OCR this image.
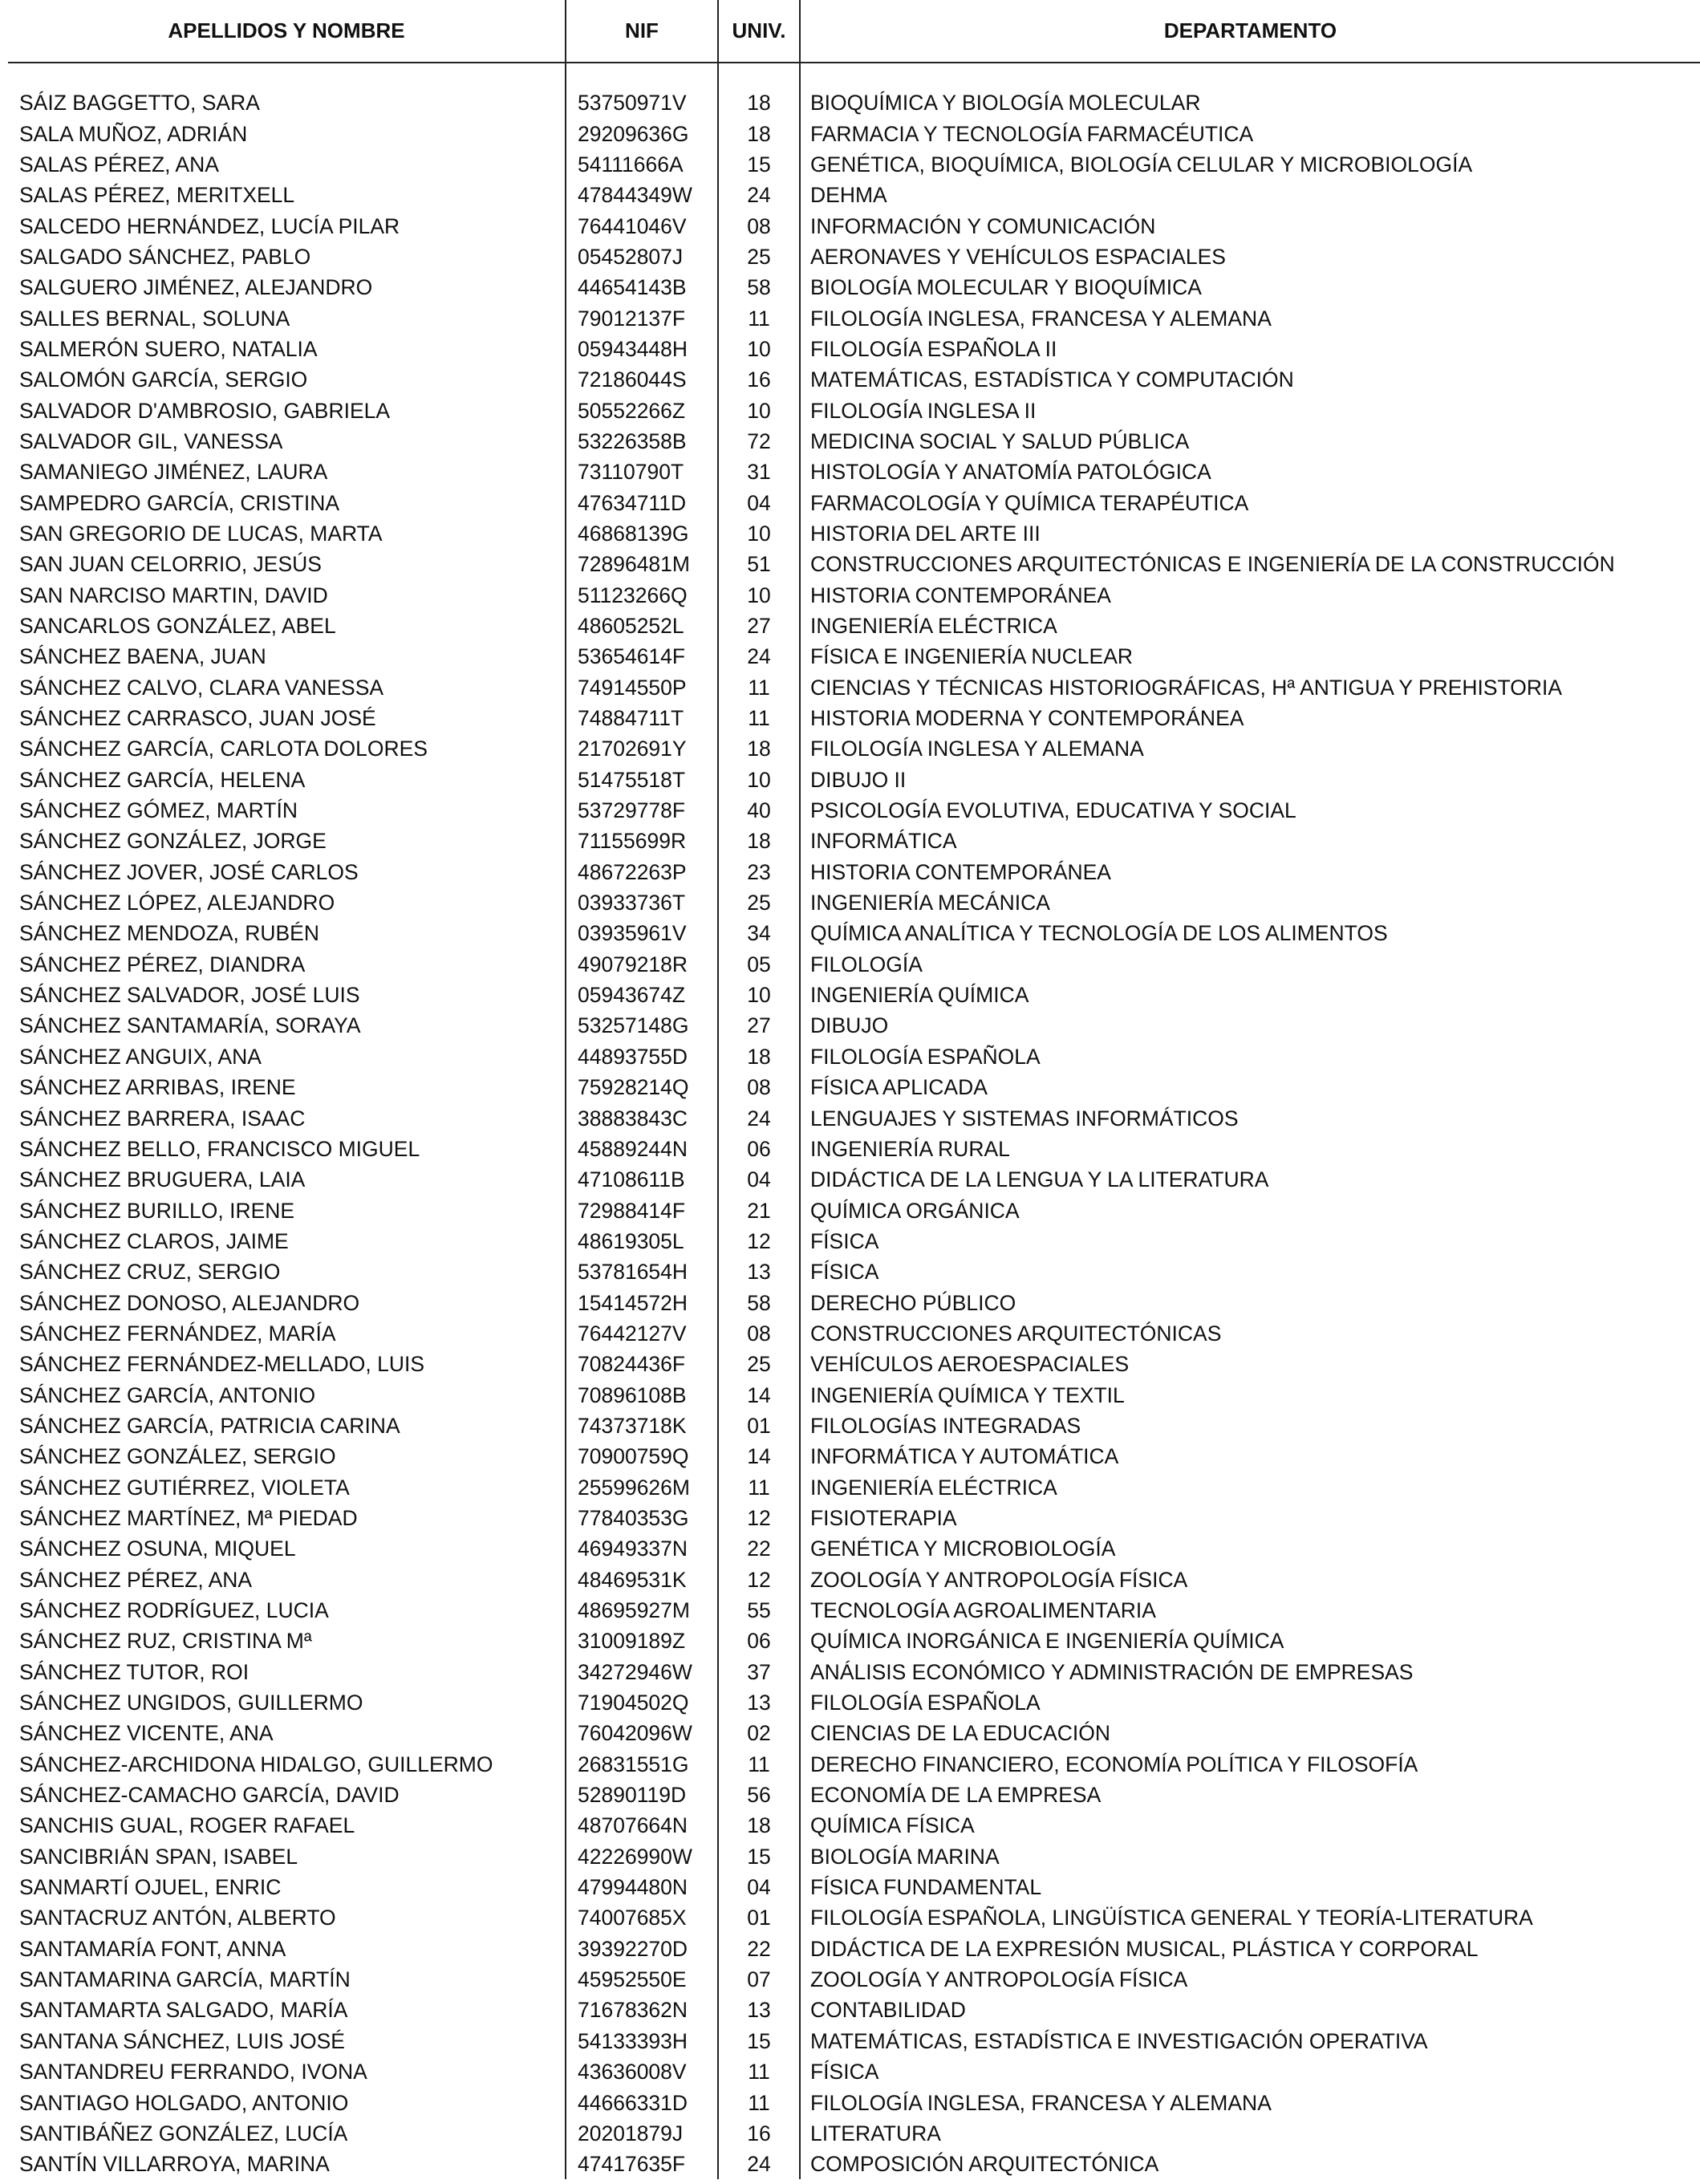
APELLIDOS Y NOMBRE	NIF	UNIV.	DEPARTAMENTO

SÁIZ BAGGETTO, SARA	53750971V	18	BIOQUÍMICA Y BIOLOGÍA MOLECULAR
SALA MUÑOZ, ADRIÁN	29209636G	18	FARMACIA Y TECNOLOGÍA FARMACÉUTICA
SALAS PÉREZ, ANA	54111666A	15	GENÉTICA, BIOQUÍMICA, BIOLOGÍA CELULAR Y MICROBIOLOGÍA
SALAS PÉREZ, MERITXELL	47844349W	24	DEHMA
SALCEDO HERNÁNDEZ, LUCÍA PILAR	76441046V	08	INFORMACIÓN Y COMUNICACIÓN
SALGADO SÁNCHEZ, PABLO	05452807J	25	AERONAVES Y VEHÍCULOS ESPACIALES
SALGUERO JIMÉNEZ, ALEJANDRO	44654143B	58	BIOLOGÍA MOLECULAR Y BIOQUÍMICA
SALLES BERNAL, SOLUNA	79012137F	11	FILOLOGÍA INGLESA, FRANCESA Y ALEMANA
SALMERÓN SUERO, NATALIA	05943448H	10	FILOLOGÍA ESPAÑOLA II
SALOMÓN GARCÍA, SERGIO	72186044S	16	MATEMÁTICAS, ESTADÍSTICA Y COMPUTACIÓN
SALVADOR D'AMBROSIO, GABRIELA	50552266Z	10	FILOLOGÍA INGLESA II
SALVADOR GIL, VANESSA	53226358B	72	MEDICINA SOCIAL Y SALUD PÚBLICA
SAMANIEGO JIMÉNEZ, LAURA	73110790T	31	HISTOLOGÍA Y ANATOMÍA PATOLÓGICA
SAMPEDRO GARCÍA, CRISTINA	47634711D	04	FARMACOLOGÍA Y QUÍMICA TERAPÉUTICA
SAN GREGORIO DE LUCAS, MARTA	46868139G	10	HISTORIA DEL ARTE III
SAN JUAN CELORRIO, JESÚS	72896481M	51	CONSTRUCCIONES ARQUITECTÓNICAS E INGENIERÍA DE LA CONSTRUCCIÓN
SAN NARCISO MARTIN, DAVID	51123266Q	10	HISTORIA CONTEMPORÁNEA
SANCARLOS GONZÁLEZ, ABEL	48605252L	27	INGENIERÍA ELÉCTRICA
SÁNCHEZ BAENA, JUAN	53654614F	24	FÍSICA E INGENIERÍA NUCLEAR
SÁNCHEZ CALVO, CLARA VANESSA	74914550P	11	CIENCIAS Y TÉCNICAS HISTORIOGRÁFICAS, Hª ANTIGUA Y PREHISTORIA
SÁNCHEZ CARRASCO, JUAN JOSÉ	74884711T	11	HISTORIA MODERNA Y CONTEMPORÁNEA
SÁNCHEZ GARCÍA, CARLOTA DOLORES	21702691Y	18	FILOLOGÍA INGLESA Y ALEMANA
SÁNCHEZ GARCÍA, HELENA	51475518T	10	DIBUJO II
SÁNCHEZ GÓMEZ, MARTÍN	53729778F	40	PSICOLOGÍA EVOLUTIVA, EDUCATIVA Y SOCIAL
SÁNCHEZ GONZÁLEZ, JORGE	71155699R	18	INFORMÁTICA
SÁNCHEZ JOVER, JOSÉ CARLOS	48672263P	23	HISTORIA CONTEMPORÁNEA
SÁNCHEZ LÓPEZ, ALEJANDRO	03933736T	25	INGENIERÍA MECÁNICA
SÁNCHEZ MENDOZA, RUBÉN	03935961V	34	QUÍMICA ANALÍTICA Y TECNOLOGÍA DE LOS ALIMENTOS
SÁNCHEZ PÉREZ, DIANDRA	49079218R	05	FILOLOGÍA
SÁNCHEZ SALVADOR, JOSÉ LUIS	05943674Z	10	INGENIERÍA QUÍMICA
SÁNCHEZ SANTAMARÍA, SORAYA	53257148G	27	DIBUJO
SÁNCHEZ ANGUIX, ANA	44893755D	18	FILOLOGÍA ESPAÑOLA
SÁNCHEZ ARRIBAS, IRENE	75928214Q	08	FÍSICA APLICADA
SÁNCHEZ BARRERA, ISAAC	38883843C	24	LENGUAJES Y SISTEMAS INFORMÁTICOS
SÁNCHEZ BELLO, FRANCISCO MIGUEL	45889244N	06	INGENIERÍA RURAL
SÁNCHEZ BRUGUERA, LAIA	47108611B	04	DIDÁCTICA DE LA LENGUA Y LA LITERATURA
SÁNCHEZ BURILLO, IRENE	72988414F	21	QUÍMICA ORGÁNICA
SÁNCHEZ CLAROS, JAIME	48619305L	12	FÍSICA
SÁNCHEZ CRUZ, SERGIO	53781654H	13	FÍSICA
SÁNCHEZ DONOSO, ALEJANDRO	15414572H	58	DERECHO PÚBLICO
SÁNCHEZ FERNÁNDEZ, MARÍA	76442127V	08	CONSTRUCCIONES ARQUITECTÓNICAS
SÁNCHEZ FERNÁNDEZ-MELLADO, LUIS	70824436F	25	VEHÍCULOS AEROESPACIALES
SÁNCHEZ GARCÍA, ANTONIO	70896108B	14	INGENIERÍA QUÍMICA Y TEXTIL
SÁNCHEZ GARCÍA, PATRICIA CARINA	74373718K	01	FILOLOGÍAS INTEGRADAS
SÁNCHEZ GONZÁLEZ, SERGIO	70900759Q	14	INFORMÁTICA Y AUTOMÁTICA
SÁNCHEZ GUTIÉRREZ, VIOLETA	25599626M	11	INGENIERÍA ELÉCTRICA
SÁNCHEZ MARTÍNEZ, Mª PIEDAD	77840353G	12	FISIOTERAPIA
SÁNCHEZ OSUNA, MIQUEL	46949337N	22	GENÉTICA Y MICROBIOLOGÍA
SÁNCHEZ PÉREZ, ANA	48469531K	12	ZOOLOGÍA Y ANTROPOLOGÍA FÍSICA
SÁNCHEZ RODRÍGUEZ, LUCIA	48695927M	55	TECNOLOGÍA AGROALIMENTARIA
SÁNCHEZ RUZ, CRISTINA Mª	31009189Z	06	QUÍMICA INORGÁNICA E INGENIERÍA QUÍMICA
SÁNCHEZ TUTOR, ROI	34272946W	37	ANÁLISIS ECONÓMICO Y ADMINISTRACIÓN DE EMPRESAS
SÁNCHEZ UNGIDOS, GUILLERMO	71904502Q	13	FILOLOGÍA ESPAÑOLA
SÁNCHEZ VICENTE, ANA	76042096W	02	CIENCIAS DE LA EDUCACIÓN
SÁNCHEZ-ARCHIDONA HIDALGO, GUILLERMO	26831551G	11	DERECHO FINANCIERO, ECONOMÍA POLÍTICA Y FILOSOFÍA
SÁNCHEZ-CAMACHO GARCÍA, DAVID	52890119D	56	ECONOMÍA DE LA EMPRESA
SANCHIS GUAL, ROGER RAFAEL	48707664N	18	QUÍMICA FÍSICA
SANCIBRIÁN SPAN, ISABEL	42226990W	15	BIOLOGÍA MARINA
SANMARTÍ OJUEL, ENRIC	47994480N	04	FÍSICA FUNDAMENTAL
SANTACRUZ ANTÓN, ALBERTO	74007685X	01	FILOLOGÍA ESPAÑOLA, LINGÜÍSTICA GENERAL Y TEORÍA-LITERATURA
SANTAMARÍA FONT, ANNA	39392270D	22	DIDÁCTICA DE LA EXPRESIÓN MUSICAL, PLÁSTICA Y CORPORAL
SANTAMARINA GARCÍA, MARTÍN	45952550E	07	ZOOLOGÍA Y ANTROPOLOGÍA FÍSICA
SANTAMARTA SALGADO, MARÍA	71678362N	13	CONTABILIDAD
SANTANA SÁNCHEZ, LUIS JOSÉ	54133393H	15	MATEMÁTICAS, ESTADÍSTICA E INVESTIGACIÓN OPERATIVA
SANTANDREU FERRANDO, IVONA	43636008V	11	FÍSICA
SANTIAGO HOLGADO, ANTONIO	44666331D	11	FILOLOGÍA INGLESA, FRANCESA Y ALEMANA
SANTIBÁÑEZ GONZÁLEZ, LUCÍA	20201879J	16	LITERATURA
SANTÍN VILLARROYA, MARINA	47417635F	24	COMPOSICIÓN ARQUITECTÓNICA
